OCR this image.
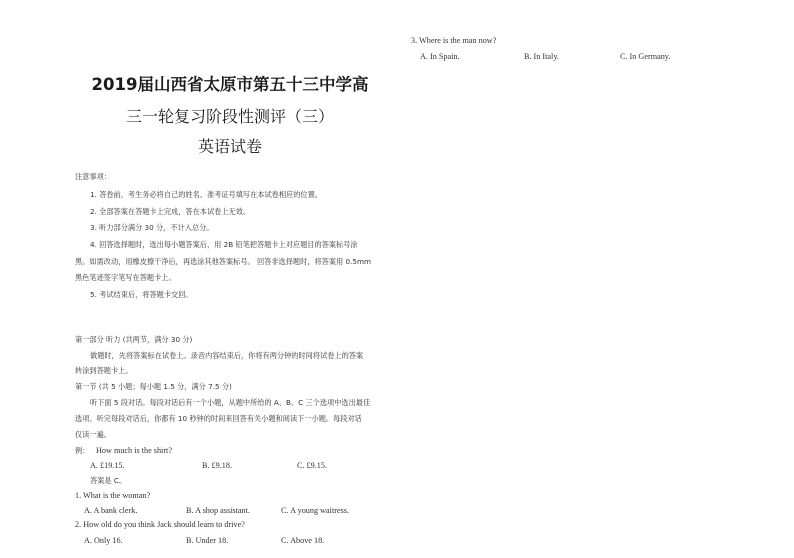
3. Where is the man now?
A. In Spain.	B. In Italy.	C. In Germany.
2019届山西省太原市第五十三中学高
三一轮复习阶段性测评（三）
英语试卷
注意事项：
1. 答卷前，考生务必将自己的姓名、准考证号填写在本试卷相应的位置。
2. 全部答案在答题卡上完成，答在本试卷上无效。
3. 听力部分满分 30 分，不计入总分。
4. 回答选择题时，选出每小题答案后，用 2B 铅笔把答题卡上对应题目的答案标号涂
黑。如需改动，用橡皮擦干净后，再选涂其他答案标号。 回答非选择题时，将答案用 0.5mm
黑色笔迹签字笔写在答题卡上。
5. 考试结束后，将答题卡交回。
第一部分 听力 (共两节，满分 30 分)
做题时，先将答案标在试卷上。录音内容结束后，你将有两分钟的时间将试卷上的答案
转涂到答题卡上。
第一节 (共 5 小题；每小题 1.5 分，满分 7.5 分)
听下面 5 段对话。每段对话后有一个小题，从题中所给的 A、B、C 三个选项中选出最佳
选项。听完每段对话后，你都有 10 秒钟的时间来回答有关小题和阅读下一小题。每段对话
仅读一遍。
例： How much is the shirt?
A. £19.15.	B. £9.18.	C. £9.15.
答案是 C。
1. What is the woman?
A. A bank clerk.	B. A shop assistant.	C. A young waitress.
2. How old do you think Jack should learn to drive?
A. Only 16.	B. Under 18.	C. Above 18.
